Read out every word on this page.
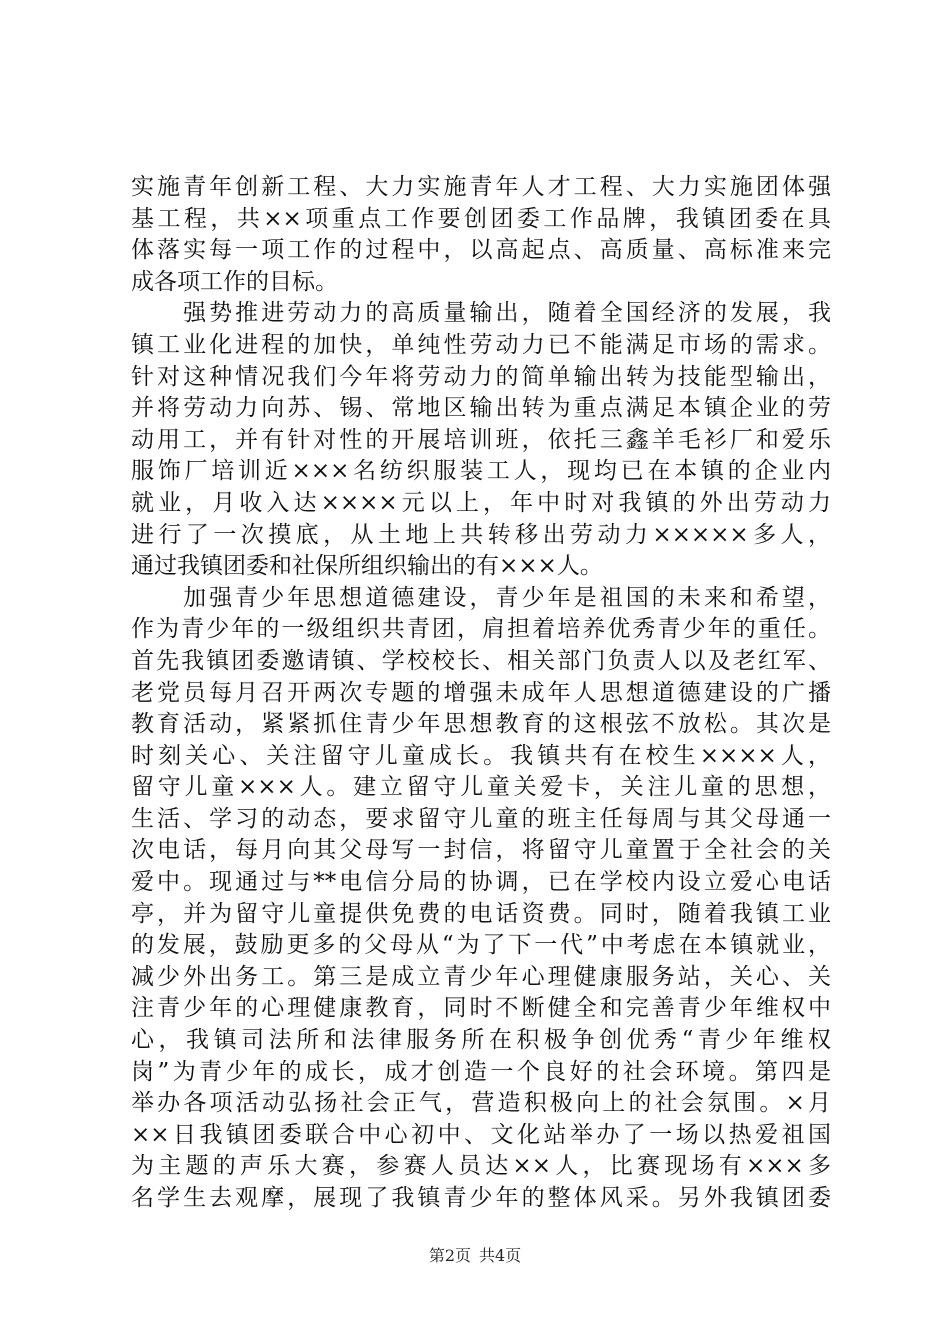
实施青年创新工程、大力实施青年人才工程、大力实施团体强
基工程，共××项重点工作要创团委工作品牌，我镇团委在具
体落实每一项工作的过程中，以高起点、高质量、高标准来完
成各项工作的目标。
　　强势推进劳动力的高质量输出，随着全国经济的发展，我
镇工业化进程的加快，单纯性劳动力已不能满足市场的需求。
针对这种情况我们今年将劳动力的简单输出转为技能型输出，
并将劳动力向苏、锡、常地区输出转为重点满足本镇企业的劳
动用工，并有针对性的开展培训班，依托三鑫羊毛衫厂和爱乐
服饰厂培训近×××名纺织服装工人，现均已在本镇的企业内
就业，月收入达××××元以上，年中时对我镇的外出劳动力
进行了一次摸底，从土地上共转移出劳动力×××××多人，
通过我镇团委和社保所组织输出的有×××人。
　　加强青少年思想道德建设，青少年是祖国的未来和希望，
作为青少年的一级组织共青团，肩担着培养优秀青少年的重任。
首先我镇团委邀请镇、学校校长、相关部门负责人以及老红军、
老党员每月召开两次专题的增强未成年人思想道德建设的广播
教育活动，紧紧抓住青少年思想教育的这根弦不放松。其次是
时刻关心、关注留守儿童成长。我镇共有在校生××××人，
留守儿童×××人。建立留守儿童关爱卡，关注儿童的思想，
生活、学习的动态，要求留守儿童的班主任每周与其父母通一
次电话，每月向其父母写一封信，将留守儿童置于全社会的关
爱中。现通过与**电信分局的协调，已在学校内设立爱心电话
亭，并为留守儿童提供免费的电话资费。同时，随着我镇工业
的发展，鼓励更多的父母从“为了下一代”中考虑在本镇就业，
减少外出务工。第三是成立青少年心理健康服务站，关心、关
注青少年的心理健康教育，同时不断健全和完善青少年维权中
心，我镇司法所和法律服务所在积极争创优秀“青少年维权
岗”为青少年的成长，成才创造一个良好的社会环境。第四是
举办各项活动弘扬社会正气，营造积极向上的社会氛围。×月
××日我镇团委联合中心初中、文化站举办了一场以热爱祖国
为主题的声乐大赛，参赛人员达××人，比赛现场有×××多
名学生去观摩，展现了我镇青少年的整体风采。另外我镇团委
第2页 共4页
